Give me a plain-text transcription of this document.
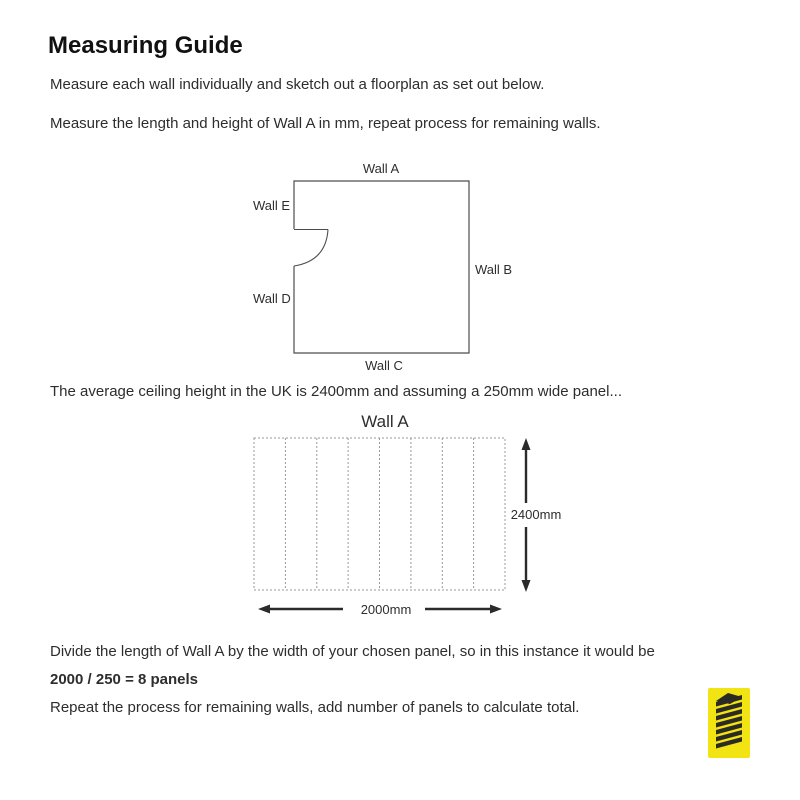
Measuring Guide

Measure each wall individually and sketch out a floorplan as set out below.

Measure the length and height of Wall A in mm, repeat process for remaining walls.

Wall A
Wall E
Wall B
Wall D
Wall C

The average ceiling height in the UK is 2400mm and assuming a 250mm wide panel...

Wall A
2400mm
2000mm

Divide the length of Wall A by the width of your chosen panel, so in this instance it would be

2000 / 250 = 8 panels

Repeat the process for remaining walls, add number of panels to calculate total.
